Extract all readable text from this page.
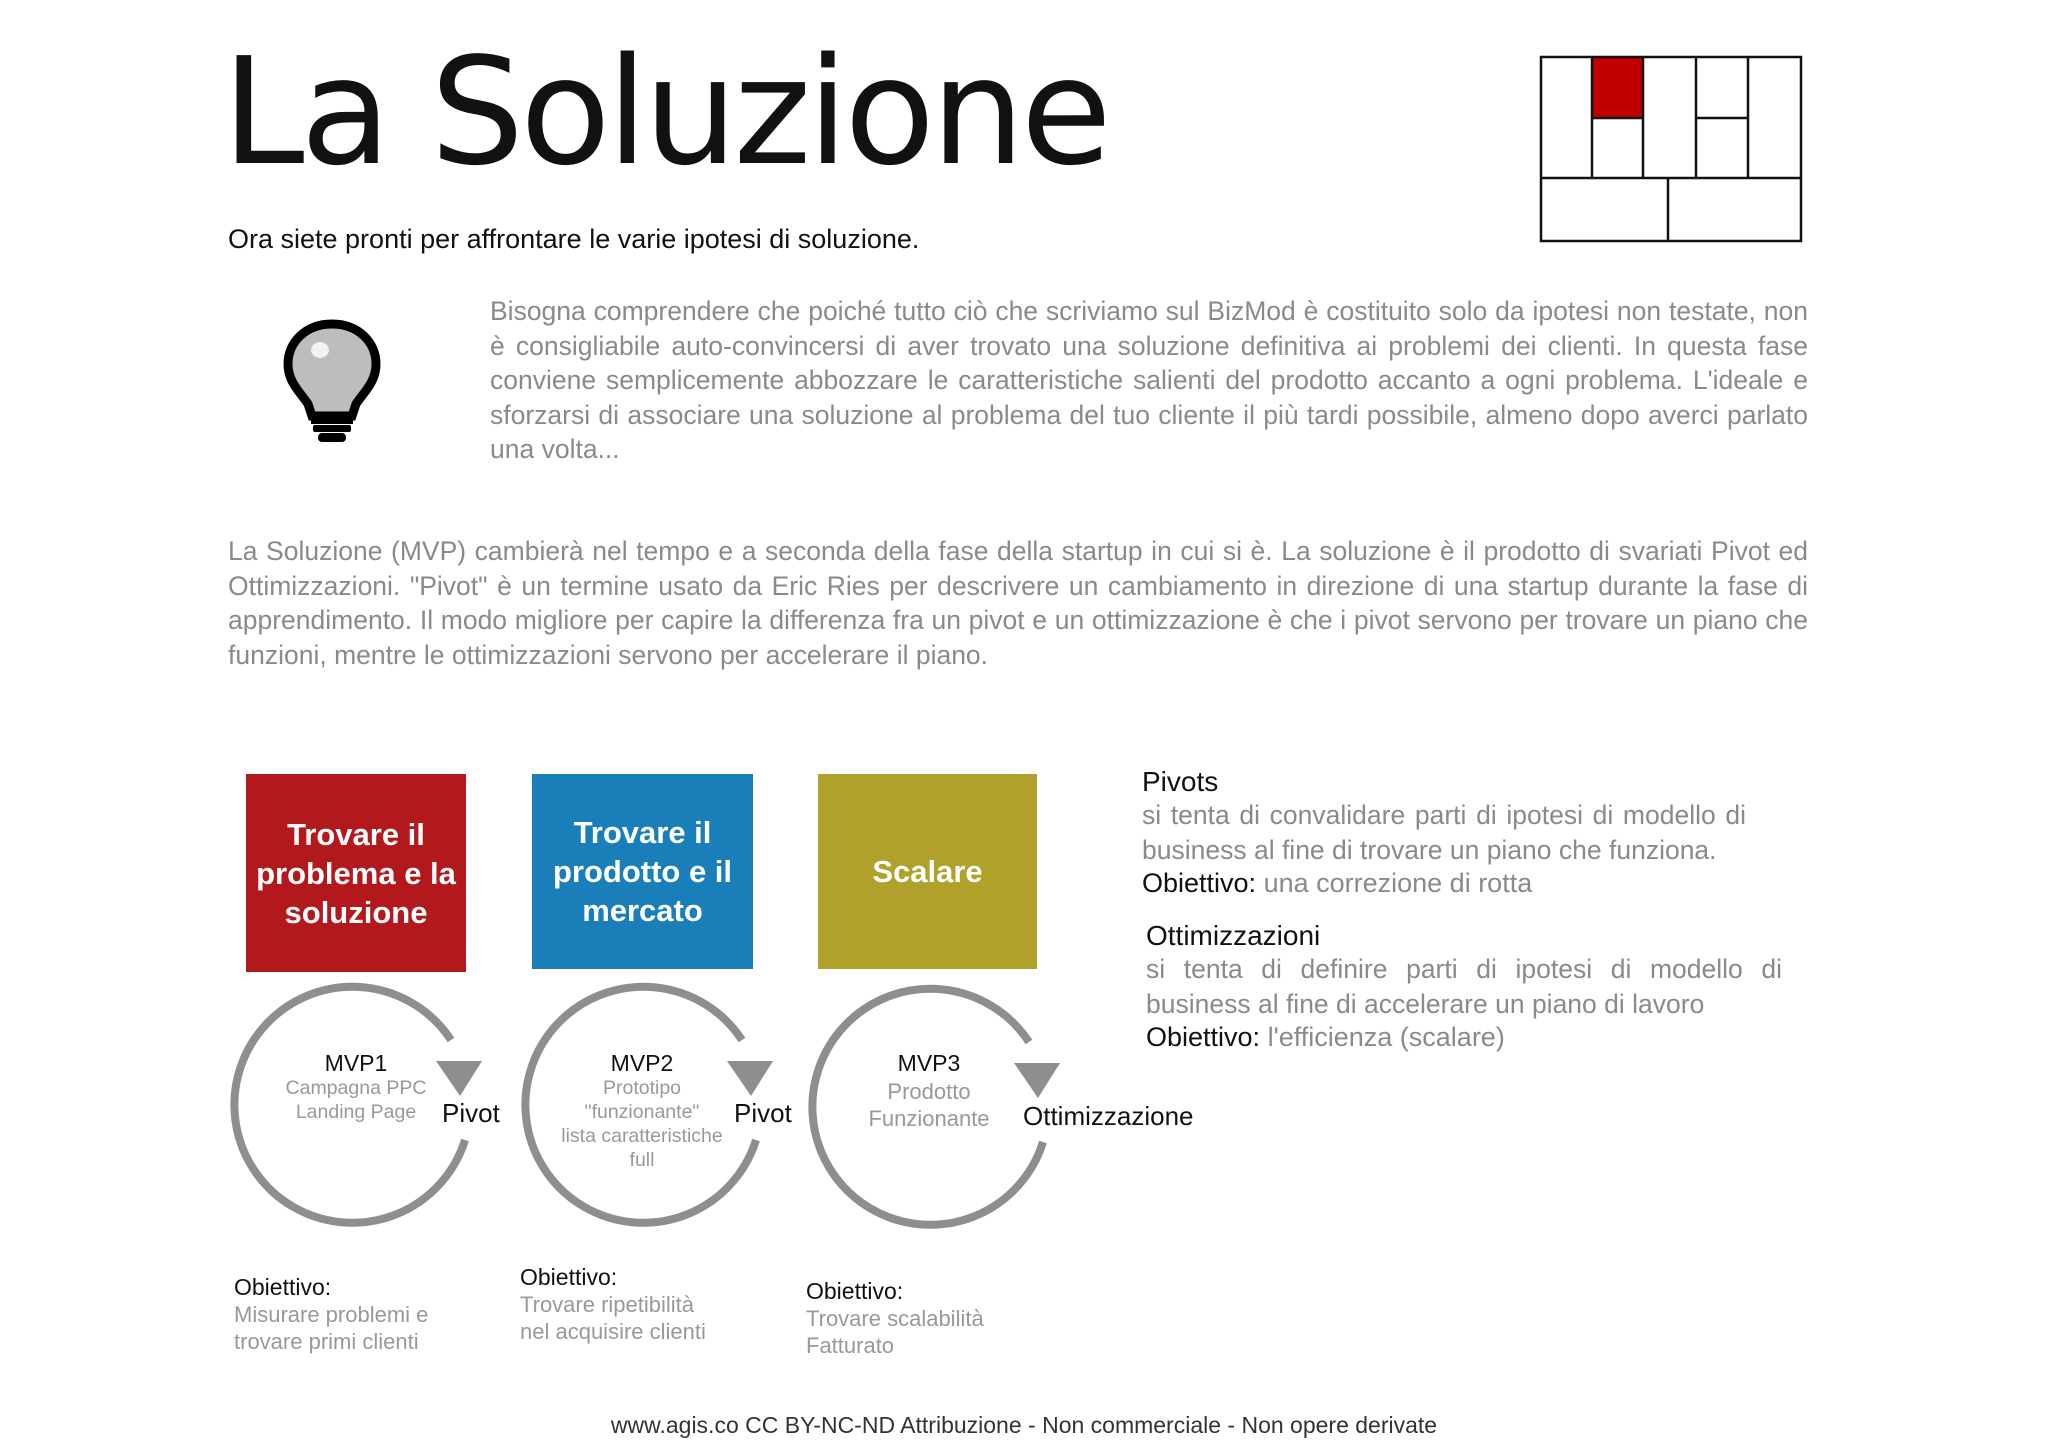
La Soluzione
Ora siete pronti per affrontare le varie ipotesi di soluzione.
Bisogna comprendere che poiché tutto ciò che scriviamo sul BizMod è costituito solo da ipotesi non testate, non è consigliabile auto-convincersi di aver trovato una soluzione definitiva ai problemi dei clienti. In questa fase conviene semplicemente abbozzare le caratteristiche salienti del prodotto accanto a ogni problema. L'ideale e sforzarsi di associare una soluzione al problema del tuo cliente il più tardi possibile, almeno dopo averci parlato una volta...
La Soluzione (MVP) cambierà nel tempo e a seconda della fase della startup in cui si è. La soluzione è il prodotto di svariati Pivot ed Ottimizzazioni. "Pivot" è un termine usato da Eric Ries per descrivere un cambiamento in direzione di una startup durante la fase di apprendimento. Il modo migliore per capire la differenza fra un pivot e un ottimizzazione è che i pivot servono per trovare un piano che funzioni, mentre le ottimizzazioni servono per accelerare il piano.
Trovare il problema e la soluzione
Trovare il prodotto e il mercato
Scalare
MVP1
Campagna PPC
Landing Page Pivot
MVP2
Prototipo
"funzionante"
lista caratteristiche
full
Pivot
MVP3
Prodotto
Funzionante	Ottimizzazione
Obiettivo:
Misurare problemi e
trovare primi clienti
Obiettivo:
Trovare ripetibilità
nel acquisire clienti
Obiettivo:
Trovare scalabilità
Fatturato
Pivots
si tenta di convalidare parti di ipotesi di modello di business al fine di trovare un piano che funziona.
Obiettivo: una correzione di rotta
Ottimizzazioni
si tenta di definire parti di ipotesi di modello di business al fine di accelerare un piano di lavoro
Obiettivo: l'efficienza (scalare)
www.agis.co CC BY-NC-ND Attribuzione - Non commerciale - Non opere derivate
